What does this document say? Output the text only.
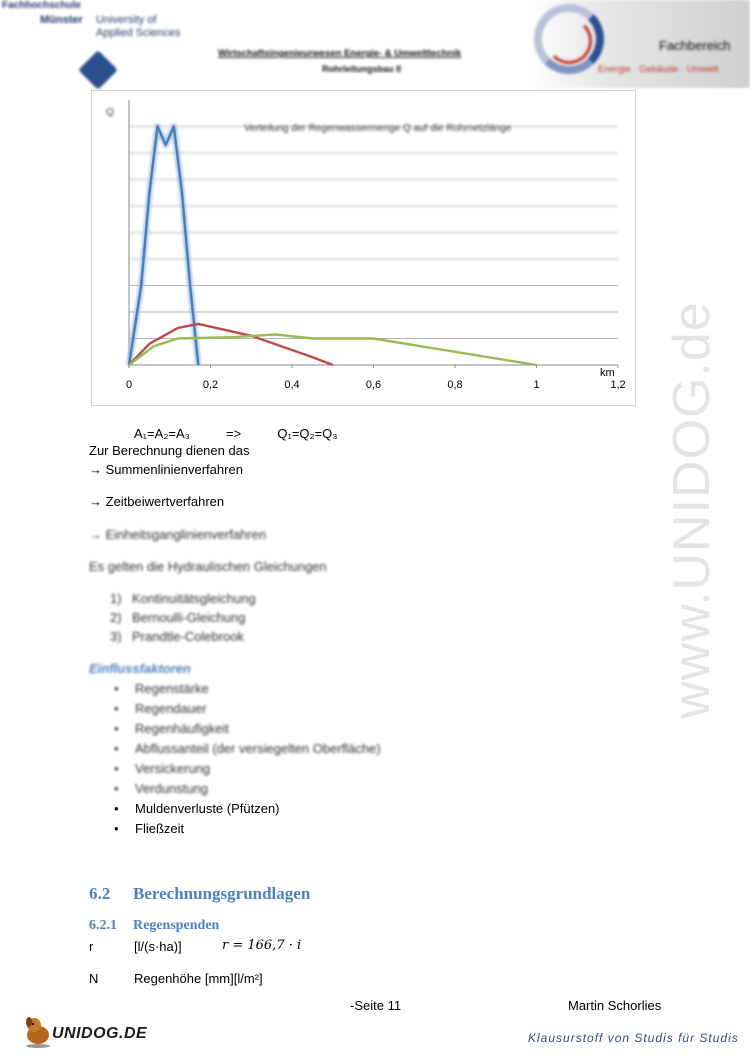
Fachhochschule
Münster University of
Applied Sciences
Wirtschaftsingenieurwesen Energie- & Umwelttechnik
Rohrleitungsbau II
Fachbereich
Energie · Gebäude · Umwelt
www.UNIDOG.de
Verteilung der Regenwassermenge Q auf die Rohrnetzlänge
Q
0	0,2	0,4	0,6	0,8	1	1,2
km
A₁=A₂=A₃          =>          Q₁=Q₂=Q₃
Zur Berechnung dienen das
→ Summenlinienverfahren
→ Zeitbeiwertverfahren
→ Einheitsganglinienverfahren
Es gelten die Hydraulischen Gleichungen
1) Kontinuitätsgleichung
2) Bernoulli-Gleichung
3) Prandtle-Colebrook
Einflussfaktoren
• Regenstärke
• Regendauer
• Regenhäufigkeit
• Abflussanteil (der versiegelten Oberfläche)
• Versickerung
• Verdunstung
• Muldenverluste (Pfützen)
• Fließzeit
6.2 Berechnungsgrundlagen
6.2.1 Regenspenden
r	[l/(s·ha)]	r = 166,7 · i
N	Regenhöhe [mm][l/m²]
-Seite 11	Martin Schorlies
UNIDOG.DE	Klausurstoff von Studis für Studis
